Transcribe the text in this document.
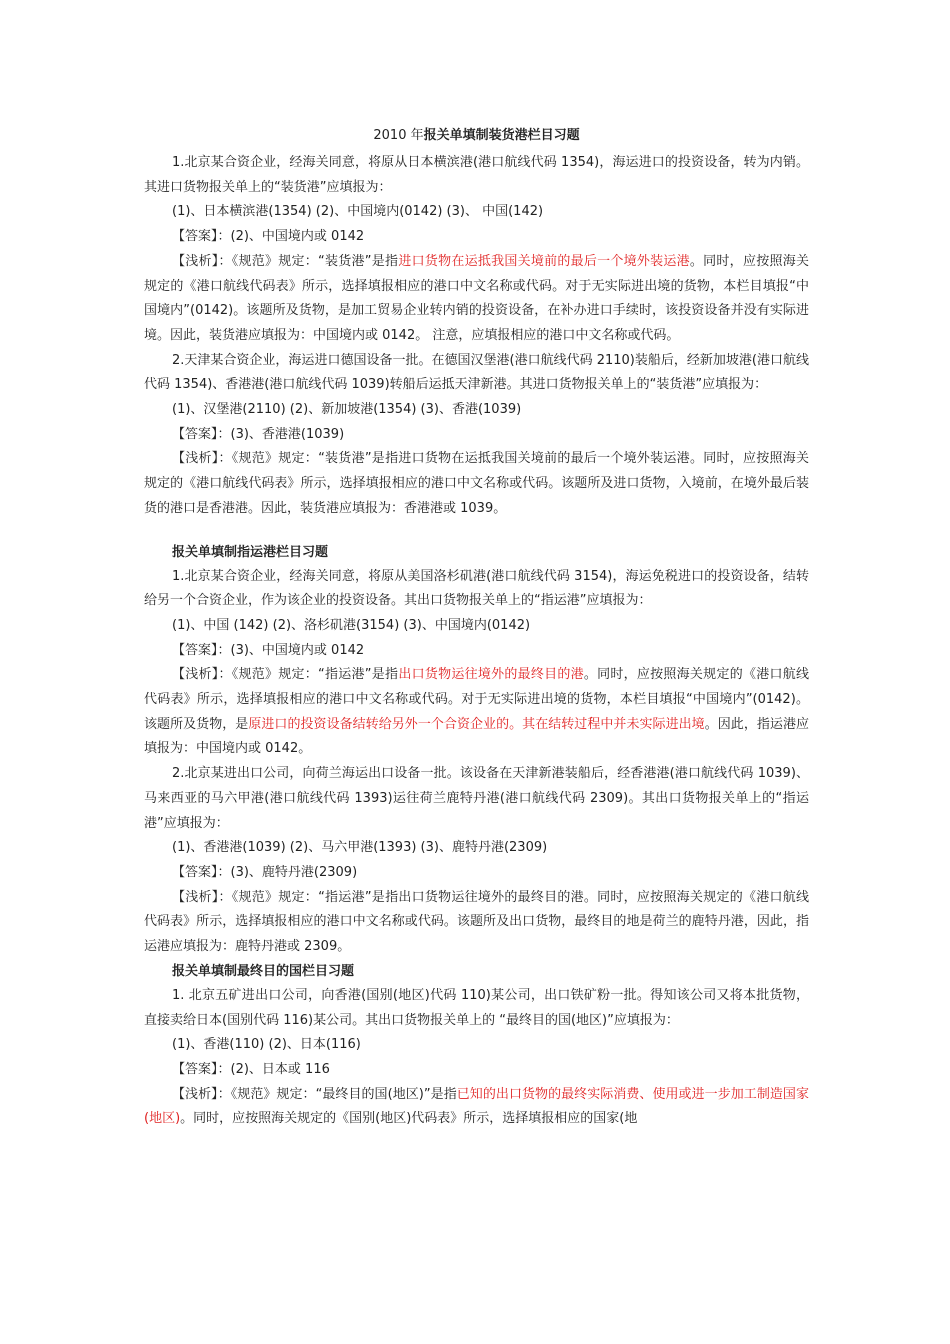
2010 年报关单填制装货港栏目习题

1.北京某合资企业，经海关同意，将原从日本横滨港(港口航线代码 1354)，海运进口的投资设备，转为内销。其进口货物报关单上的“装货港”应填报为：

(1)、日本横滨港(1354) (2)、中国境内(0142) (3)、 中国(142)
【答案】：(2)、中国境内或 0142

【浅析】：《规范》规定：“装货港”是指进口货物在运抵我国关境前的最后一个境外装运港。同时，应按照海关规定的《港口航线代码表》所示，选择填报相应的港口中文名称或代码。对于无实际进出境的货物，本栏目填报“中国境内”(0142)。该题所及货物，是加工贸易企业转内销的投资设备，在补办进口手续时，该投资设备并没有实际进境。因此，装货港应填报为：中国境内或 0142。 注意，应填报相应的港口中文名称或代码。

2.天津某合资企业，海运进口德国设备一批。在德国汉堡港(港口航线代码 2110)装船后，经新加坡港(港口航线代码 1354)、香港港(港口航线代码 1039)转船后运抵天津新港。其进口货物报关单上的“装货港”应填报为：

(1)、汉堡港(2110) (2)、新加坡港(1354) (3)、香港(1039)
【答案】：(3)、香港港(1039)

【浅析】：《规范》规定：“装货港”是指进口货物在运抵我国关境前的最后一个境外装运港。同时，应按照海关规定的《港口航线代码表》所示，选择填报相应的港口中文名称或代码。该题所及进口货物，入境前，在境外最后装货的港口是香港港。因此，装货港应填报为：香港港或 1039。

报关单填制指运港栏目习题

1.北京某合资企业，经海关同意，将原从美国洛杉矶港(港口航线代码 3154)，海运免税进口的投资设备，结转给另一个合资企业，作为该企业的投资设备。其出口货物报关单上的“指运港”应填报为：

(1)、中国 (142) (2)、洛杉矶港(3154) (3)、中国境内(0142)
【答案】：(3)、中国境内或 0142

【浅析】：《规范》规定：“指运港”是指出口货物运往境外的最终目的港。同时，应按照海关规定的《港口航线代码表》所示，选择填报相应的港口中文名称或代码。对于无实际进出境的货物，本栏目填报“中国境内”(0142)。该题所及货物，是原进口的投资设备结转给另外一个合资企业的。其在结转过程中并未实际进出境。因此，指运港应填报为：中国境内或 0142。

2.北京某进出口公司，向荷兰海运出口设备一批。该设备在天津新港装船后，经香港港(港口航线代码 1039)、马来西亚的马六甲港(港口航线代码 1393)运往荷兰鹿特丹港(港口航线代码 2309)。其出口货物报关单上的“指运港”应填报为：

(1)、香港港(1039) (2)、马六甲港(1393) (3)、鹿特丹港(2309)
【答案】：(3)、鹿特丹港(2309)

【浅析】：《规范》规定：“指运港”是指出口货物运往境外的最终目的港。同时，应按照海关规定的《港口航线代码表》所示，选择填报相应的港口中文名称或代码。该题所及出口货物，最终目的地是荷兰的鹿特丹港，因此，指运港应填报为：鹿特丹港或 2309。

报关单填制最终目的国栏目习题

1. 北京五矿进出口公司，向香港(国别(地区)代码 110)某公司，出口铁矿粉一批。得知该公司又将本批货物，直接卖给日本(国别代码 116)某公司。其出口货物报关单上的 “最终目的国(地区)”应填报为：

(1)、香港(110) (2)、日本(116)
【答案】：(2)、日本或 116

【浅析】：《规范》规定：“最终目的国(地区)”是指已知的出口货物的最终实际消费、使用或进一步加工制造国家(地区)。同时，应按照海关规定的《国别(地区)代码表》所示，选择填报相应的国家(地
